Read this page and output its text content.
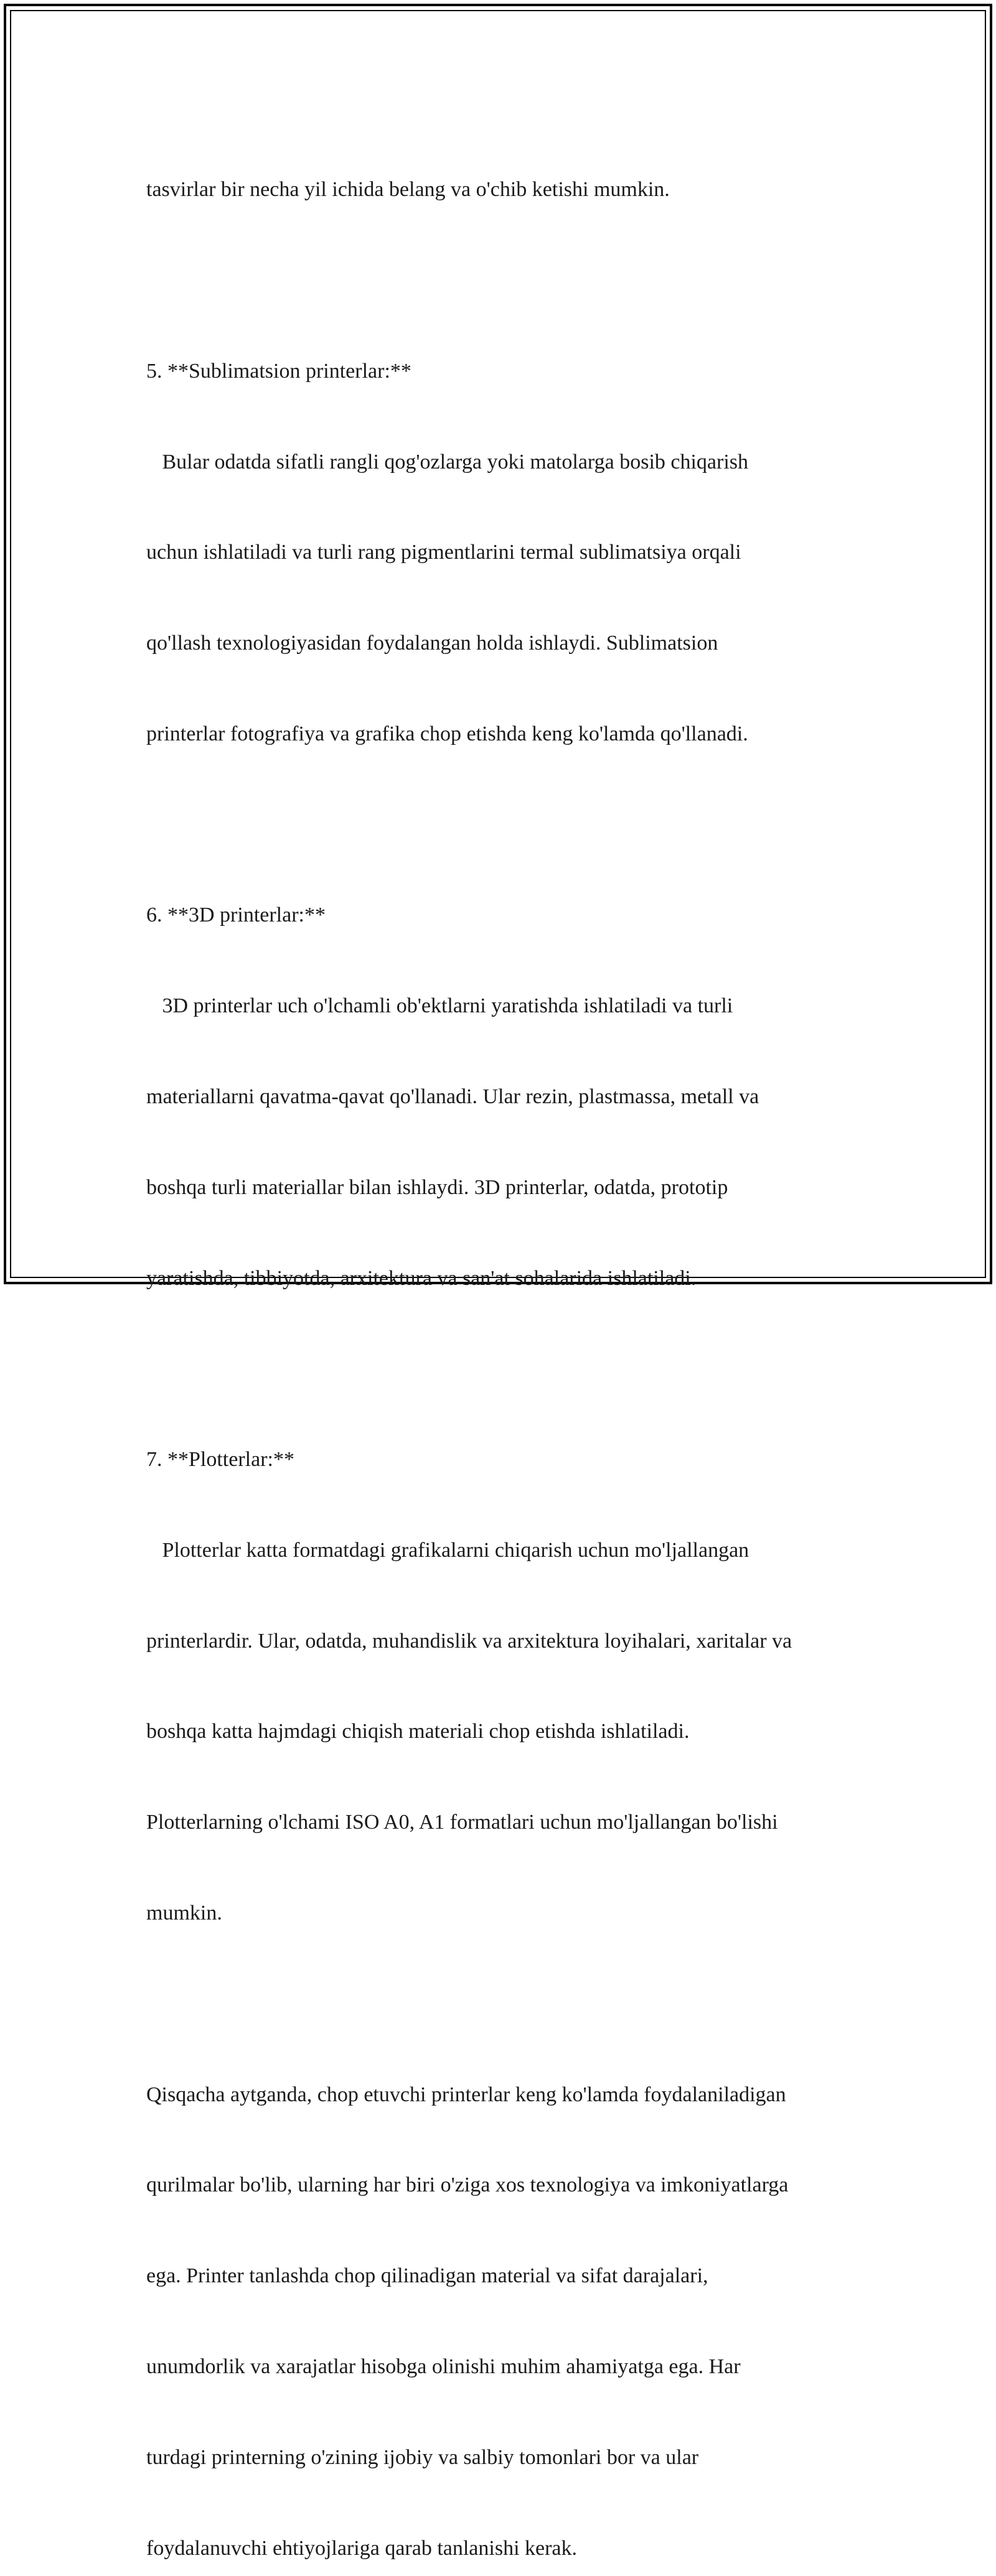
tasvirlar bir necha yil ichida belang va o'chib ketishi mumkin.

5. **Sublimatsion printerlar:**

Bular odatda sifatli rangli qog'ozlarga yoki matolarga bosib chiqarish

uchun ishlatiladi va turli rang pigmentlarini termal sublimatsiya orqali

qo'llash texnologiyasidan foydalangan holda ishlaydi. Sublimatsion

printerlar fotografiya va grafika chop etishda keng ko'lamda qo'llanadi.

6. **3D printerlar:**

3D printerlar uch o'lchamli ob'ektlarni yaratishda ishlatiladi va turli

materiallarni qavatma-qavat qo'llanadi. Ular rezin, plastmassa, metall va

boshqa turli materiallar bilan ishlaydi. 3D printerlar, odatda, prototip

yaratishda, tibbiyotda, arxitektura va san'at sohalarida ishlatiladi.

7. **Plotterlar:**

Plotterlar katta formatdagi grafikalarni chiqarish uchun mo'ljallangan

printerlardir. Ular, odatda, muhandislik va arxitektura loyihalari, xaritalar va

boshqa katta hajmdagi chiqish materiali chop etishda ishlatiladi.

Plotterlarning o'lchami ISO A0, A1 formatlari uchun mo'ljallangan bo'lishi

mumkin.

Qisqacha aytganda, chop etuvchi printerlar keng ko'lamda foydalaniladigan

qurilmalar bo'lib, ularning har biri o'ziga xos texnologiya va imkoniyatlarga

ega. Printer tanlashda chop qilinadigan material va sifat darajalari,

unumdorlik va xarajatlar hisobga olinishi muhim ahamiyatga ega. Har

turdagi printerning o'zining ijobiy va salbiy tomonlari bor va ular

foydalanuvchi ehtiyojlariga qarab tanlanishi kerak.
